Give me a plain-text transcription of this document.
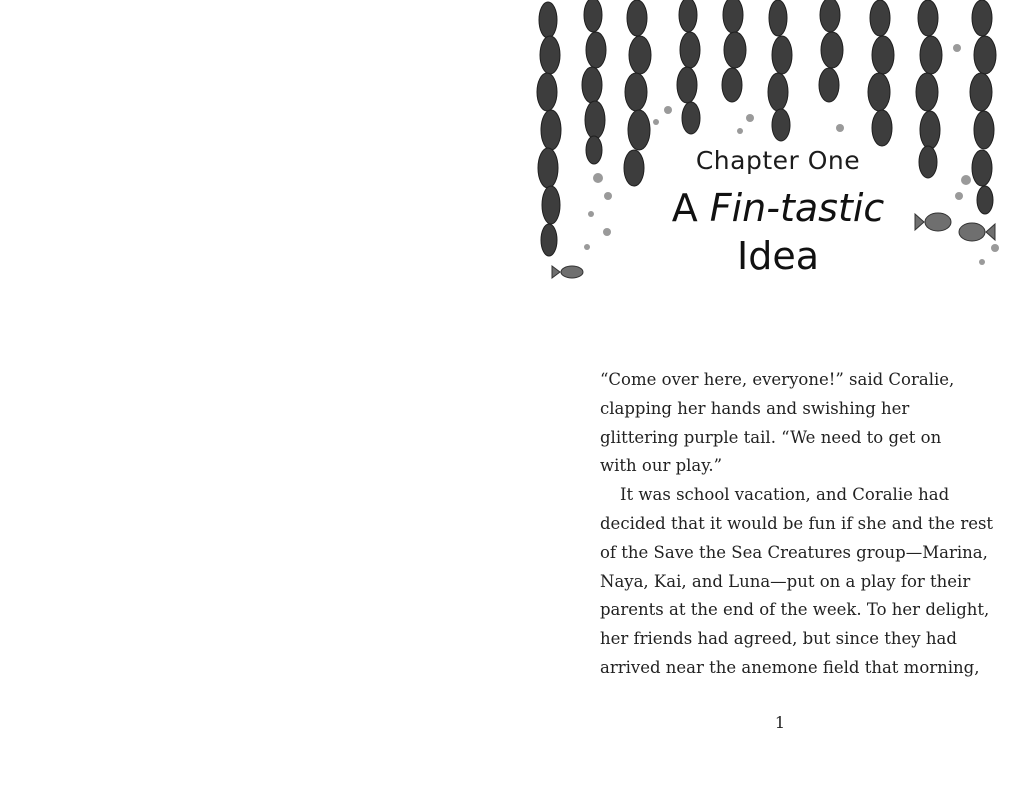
Chapter One
A Fin-tastic
Idea
“Come over here, everyone!” said Coralie,
clapping her hands and swishing her
glittering purple tail. “We need to get on
with our play.”
It was school vacation, and Coralie had
decided that it would be fun if she and the rest
of the Save the Sea Creatures group—Marina,
Naya, Kai, and Luna—put on a play for their
parents at the end of the week. To her delight,
her friends had agreed, but since they had
arrived near the anemone field that morning,
1
